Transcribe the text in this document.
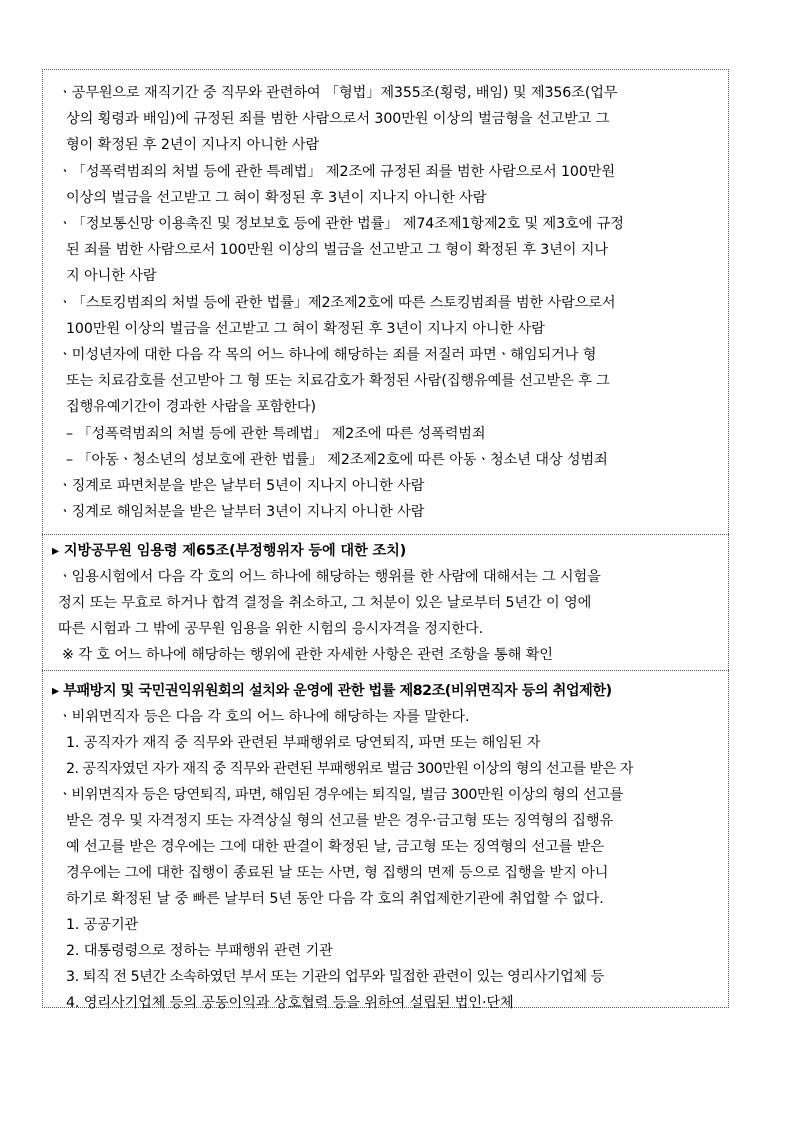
ㆍ공무원으로 재직기간 중 직무와 관련하여 「형법」제355조(횡령, 배임) 및 제356조(업무
상의 횡령과 배임)에 규정된 죄를 범한 사람으로서 300만원 이상의 벌금형을 선고받고 그
형이 확정된 후 2년이 지나지 아니한 사람
ㆍ「성폭력범죄의 처벌 등에 관한 특례법」 제2조에 규정된 죄를 범한 사람으로서 100만원
이상의 벌금을 선고받고 그 혀이 확정된 후 3년이 지나지 아니한 사람
ㆍ「정보통신망 이용촉진 및 정보보호 등에 관한 법률」 제74조제1항제2호 및 제3호에 규정
된 죄를 범한 사람으로서 100만원 이상의 벌금을 선고받고 그 형이 확정된 후 3년이 지나
지 아니한 사람
ㆍ「스토킹범죄의 처벌 등에 관한 법률」제2조제2호에 따른 스토킹범죄를 범한 사람으로서
100만원 이상의 벌금을 선고받고 그 혀이 확정된 후 3년이 지나지 아니한 사람
ㆍ미성년자에 대한 다음 각 목의 어느 하나에 해당하는 죄를 저질러 파면ㆍ해임되거나 형
또는 치료감호를 선고받아 그 형 또는 치료감호가 확정된 사람(집행유예를 선고받은 후 그
집행유예기간이 경과한 사람을 포함한다)
– 「성폭력범죄의 처벌 등에 관한 특례법」 제2조에 따른 성폭력범죄
– 「아동ㆍ청소년의 성보호에 관한 법률」 제2조제2호에 따른 아동ㆍ청소년 대상 성범죄
ㆍ징계로 파면처분을 받은 날부터 5년이 지나지 아니한 사람
ㆍ징계로 해임처분을 받은 날부터 3년이 지나지 아니한 사람
▸ 지방공무원 임용령 제65조(부정행위자 등에 대한 조치)
ㆍ임용시험에서 다음 각 호의 어느 하나에 해당하는 행위를 한 사람에 대해서는 그 시험을
정지 또는 무효로 하거나 합격 결정을 취소하고, 그 처분이 있은 날로부터 5년간 이 영에
따른 시험과 그 밖에 공무원 임용을 위한 시험의 응시자격을 정지한다.
※ 각 호 어느 하나에 해당하는 행위에 관한 자세한 사항은 관련 조항을 통해 확인
▸ 부패방지 및 국민권익위원회의 설치와 운영에 관한 법률 제82조(비위면직자 등의 취업제한)
ㆍ비위면직자 등은 다음 각 호의 어느 하나에 해당하는 자를 말한다.
1. 공직자가 재직 중 직무와 관련된 부패행위로 당연퇴직, 파면 또는 해임된 자
2. 공직자였던 자가 재직 중 직무와 관련된 부패행위로 벌금 300만원 이상의 형의 선고를 받은 자
ㆍ비위면직자 등은 당연퇴직, 파면, 해임된 경우에는 퇴직일, 벌금 300만원 이상의 형의 선고를
받은 경우 및 자격정지 또는 자격상실 형의 선고를 받은 경우·금고형 또는 징역형의 집행유
예 선고를 받은 경우에는 그에 대한 판결이 확정된 날, 금고형 또는 징역형의 선고를 받은
경우에는 그에 대한 집행이 종료된 날 또는 사면, 형 집행의 면제 등으로 집행을 받지 아니
하기로 확정된 날 중 빠른 날부터 5년 동안 다음 각 호의 취업제한기관에 취업할 수 없다.
1. 공공기관
2. 대통령령으로 정하는 부패행위 관련 기관
3. 퇴직 전 5년간 소속하였던 부서 또는 기관의 업무와 밀접한 관련이 있는 영리사기업체 등
4. 영리사기업체 등의 공동이익과 상호협력 등을 위하여 설립된 법인·단체
